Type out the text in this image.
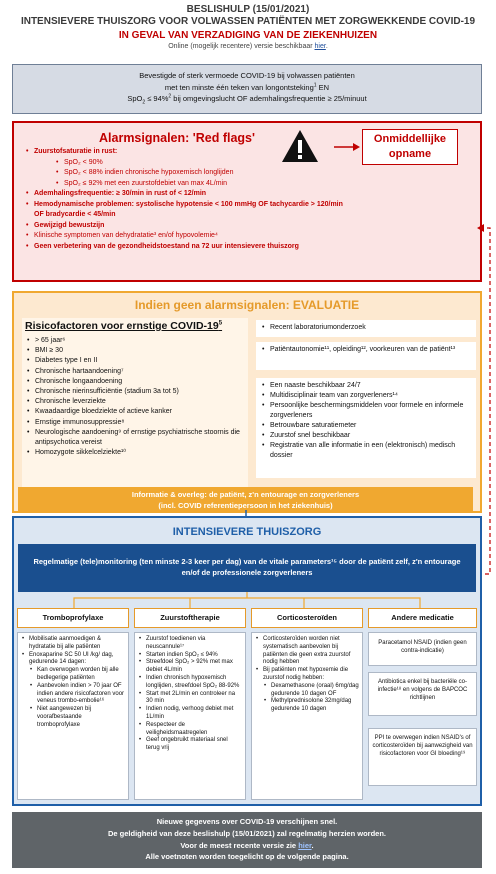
BESLISHULP (15/01/2021)
INTENSIEVERE THUISZORG VOOR VOLWASSEN PATIËNTEN MET ZORGWEKKENDE COVID-19
IN GEVAL VAN VERZADIGING VAN DE ZIEKENHUIZEN
Online (mogelijk recentere) versie beschikbaar hier.
Bevestigde of sterk vermoede COVID-19 bij volwassen patiënten
met ten minste één teken van longontsteking$^1$ EN
SpO$_2$ ≤ 94%$^2$ bij omgevingslucht OF ademhalingsfrequentie ≥ 25/minuut
Alarmsignalen: 'Red flags'	Onmiddellijke opname
• Zuurstofsaturatie in rust:
• SpO₂ < 90%
• SpO₂ < 88% indien chronische hypoxemisch longlijden
• SpO₂ ≤ 92% met een zuurstofdebiet van max 4L/min
• Ademhalingsfrequentie: ≥ 30/min in rust of < 12/min
• Hemodynamische problemen: systolische hypotensie < 100 mmHg OF tachycardie > 120/min OF bradycardie < 45/min
• Gewijzigd bewustzijn
• Klinische symptomen van dehydratatie³ en/of hypovolemie⁴
• Geen verbetering van de gezondheidstoestand na 72 uur intensievere thuiszorg
Indien geen alarmsignalen: EVALUATIE
Risicofactoren voor ernstige COVID-$19^5$
• > 65 jaar⁶
• BMI ≥ 30
• Diabetes type I en II
• Chronische hartaandoening⁷
• Chronische longaandoening
• Chronische nierinsufficiëntie (stadium 3a tot 5)
• Chronische leverziekte
• Kwaadaardige bloedziekte of actieve kanker
• Ernstige immunosuppressie⁸
• Neurologische aandoening⁹ of ernstige psychiatrische stoornis die antipsychotica vereist
• Homozygote sikkelcelziekte¹⁰
• Recent laboratoriumonderzoek
• Patiëntautonomie¹¹, opleiding¹², voorkeuren van de patiënt¹³
• Een naaste beschikbaar 24/7
• Multidisciplinair team van zorgverleners¹⁴
• Persoonlijke beschermingsmiddelen voor formele en informele zorgverleners
• Betrouwbare saturatiemeter
• Zuurstof snel beschikbaar
• Registratie van alle informatie in een (elektronisch) medisch dossier
Informatie & overleg: de patiënt, z'n entourage en zorgverleners
(incl. COVID referentiepersoon in het ziekenhuis)
INTENSIEVERE THUISZORG
Regelmatige (tele)monitoring (ten minste 2-3 keer per dag) van de vitale parameters¹⁵ door de patiënt zelf, z'n entourage en/of de professionele zorgverleners
Tromboprofylaxe	Zuurstoftherapie	Corticosteroïden	Andere medicatie
• Mobilisatie aanmoedigen & hydratatie bij alle patiënten
• Enoxaparine SC 50 UI /kg/ dag, gedurende 14 dagen:
• Kan overwogen worden bij alle bedlegerige patiënten
• Aanbevolen indien > 70 jaar OF indien andere risicofactoren voor veneus trombo-embolie¹⁶
• Niet aangewezen bij voorafbestaande tromboprofylaxe
• Zuurstof toedienen via neuscannule¹⁷
• Starten indien SpO₂ ≤ 94%
• Streefdoel SpO₂ > 92% met max debiet 4L/min
• Indien chronisch hypoxemisch longlijden, streefdoel SpO₂ 88-92%
• Start met 2L/min en controleer na 30 min
• Indien nodig, verhoog debiet met 1L/min
• Respecteer de veiligheidsmaatregelen
• Geef ongebruikt materiaal snel terug vrij
• Corticosteroïden worden niet systematisch aanbevolen bij patiënten die geen extra zuurstof nodig hebben
• Bij patiënten met hypoxemie die zuurstof nodig hebben:
• Dexamethasone (oraal) 6mg/dag gedurende 10 dagen OF
• Methylprednisolone 32mg/dag gedurende 10 dagen
Paracetamol NSAID (indien geen contra-indicatie)
Antibiotica enkel bij bacteriële co-infectie¹⁸ en volgens de BAPCOC richtlijnen
PPI te overwegen indien NSAID's of corticosteroïden bij aanwezigheid van risicofactoren voor GI bloeding¹⁹
Nieuwe gegevens over COVID-19 verschijnen snel.
De geldigheid van deze beslishulp (15/01/2021) zal regelmatig herzien worden.
Voor de meest recente versie zie hier.
Alle voetnoten worden toegelicht op de volgende pagina.
